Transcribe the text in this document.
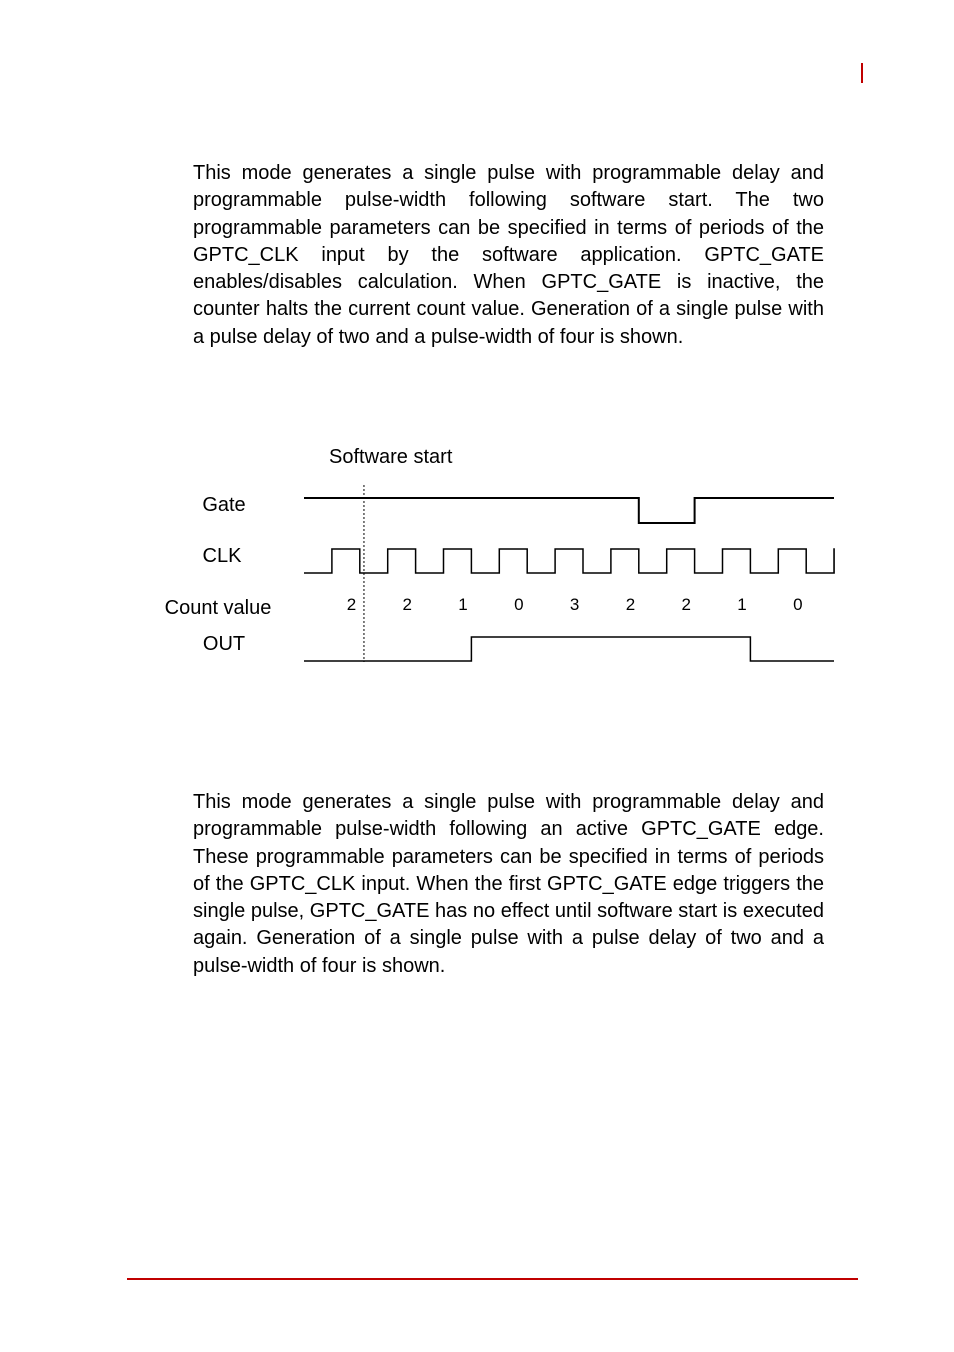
This mode generates a single pulse with programmable delay and programmable pulse-width following software start. The two programmable parameters can be specified in terms of periods of the GPTC_CLK input by the software application. GPTC_GATE enables/disables calculation. When GPTC_GATE is inactive, the counter halts the current count value. Generation of a single pulse with a pulse delay of two and a pulse-width of four is shown.

Software start
Gate
CLK
Count value
OUT
2	2	1	0	3	2	2	1	0

This mode generates a single pulse with programmable delay and programmable pulse-width following an active GPTC_GATE edge. These programmable parameters can be specified in terms of periods of the GPTC_CLK input. When the first GPTC_GATE edge triggers the single pulse, GPTC_GATE has no effect until software start is executed again. Generation of a single pulse with a pulse delay of two and a pulse-width of four is shown.
